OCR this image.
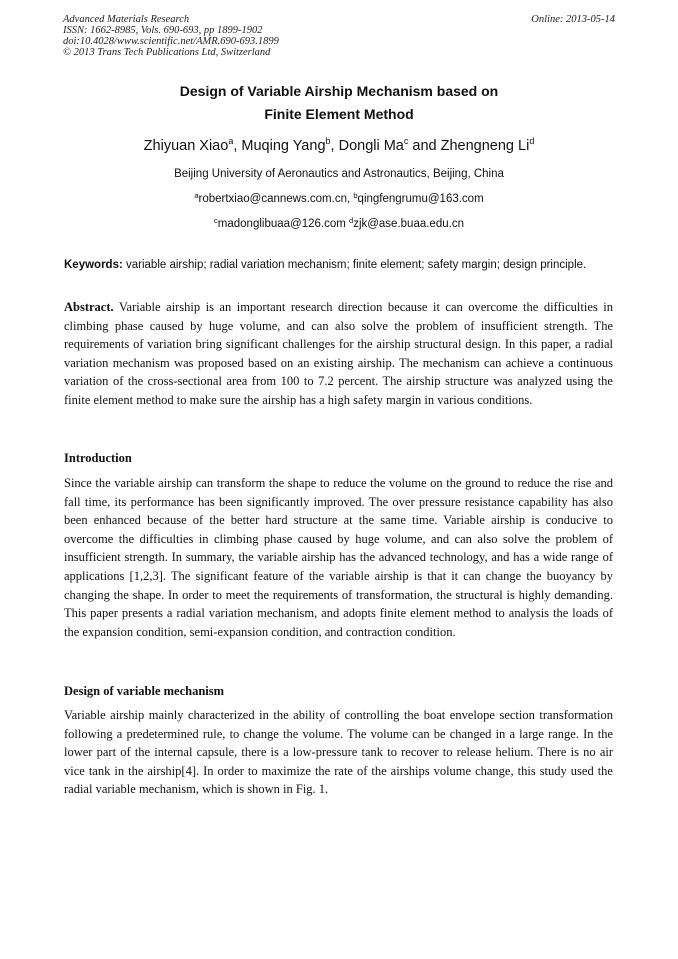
Advanced Materials Research
ISSN: 1662-8985, Vols. 690-693, pp 1899-1902
doi:10.4028/www.scientific.net/AMR.690-693.1899
© 2013 Trans Tech Publications Ltd, Switzerland
Online: 2013-05-14
Design of Variable Airship Mechanism based on
Finite Element Method
Zhiyuan Xiao$^a$, Muqing Yang$^b$, Dongli Ma$^c$ and Zhengneng Li$^d$
Beijing University of Aeronautics and Astronautics, Beijing, China
$^a$robertxiao@cannews.com.cn, $^b$qingfengrumu@163.com
$^c$madonglibuaa@126.com $^d$zjk@ase.buaa.edu.cn
Keywords: variable airship; radial variation mechanism; finite element; safety margin; design principle.
Abstract. Variable airship is an important research direction because it can overcome the difficulties in climbing phase caused by huge volume, and can also solve the problem of insufficient strength. The requirements of variation bring significant challenges for the airship structural design. In this paper, a radial variation mechanism was proposed based on an existing airship. The mechanism can achieve a continuous variation of the cross-sectional area from 100 to 7.2 percent. The airship structure was analyzed using the finite element method to make sure the airship has a high safety margin in various conditions.
Introduction
Since the variable airship can transform the shape to reduce the volume on the ground to reduce the rise and fall time, its performance has been significantly improved. The over pressure resistance capability has also been enhanced because of the better hard structure at the same time. Variable airship is conducive to overcome the difficulties in climbing phase caused by huge volume, and can also solve the problem of insufficient strength. In summary, the variable airship has the advanced technology, and has a wide range of applications [1,2,3]. The significant feature of the variable airship is that it can change the buoyancy by changing the shape. In order to meet the requirements of transformation, the structural is highly demanding. This paper presents a radial variation mechanism, and adopts finite element method to analysis the loads of the expansion condition, semi-expansion condition, and contraction condition.
Design of variable mechanism
Variable airship mainly characterized in the ability of controlling the boat envelope section transformation following a predetermined rule, to change the volume. The volume can be changed in a large range. In the lower part of the internal capsule, there is a low-pressure tank to recover to release helium. There is no air vice tank in the airship[4]. In order to maximize the rate of the airships volume change, this study used the radial variable mechanism, which is shown in Fig. 1.
